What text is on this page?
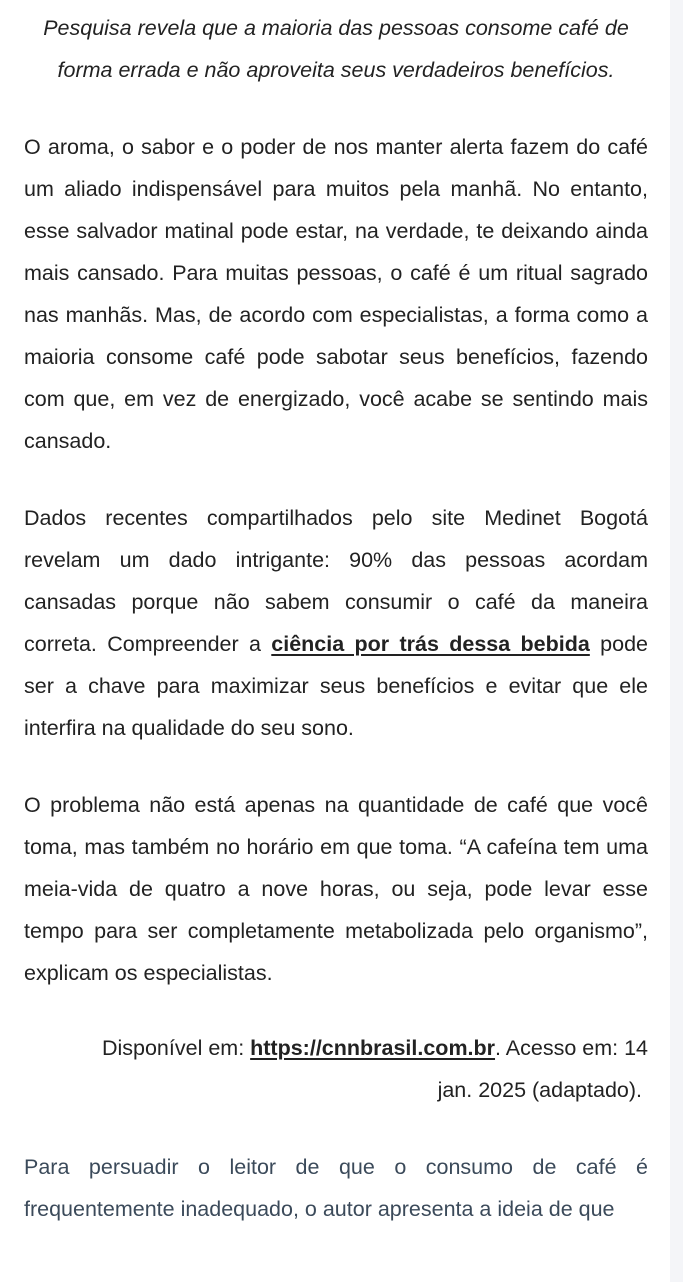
Pesquisa revela que a maioria das pessoas consome café de forma errada e não aproveita seus verdadeiros benefícios.

O aroma, o sabor e o poder de nos manter alerta fazem do café um aliado indispensável para muitos pela manhã. No entanto, esse salvador matinal pode estar, na verdade, te deixando ainda mais cansado. Para muitas pessoas, o café é um ritual sagrado nas manhãs. Mas, de acordo com especialistas, a forma como a maioria consome café pode sabotar seus benefícios, fazendo com que, em vez de energizado, você acabe se sentindo mais cansado.

Dados recentes compartilhados pelo site Medinet Bogotá revelam um dado intrigante: 90% das pessoas acordam cansadas porque não sabem consumir o café da maneira correta. Compreender a ciência por trás dessa bebida pode ser a chave para maximizar seus benefícios e evitar que ele interfira na qualidade do seu sono.

O problema não está apenas na quantidade de café que você toma, mas também no horário em que toma. “A cafeína tem uma meia-vida de quatro a nove horas, ou seja, pode levar esse tempo para ser completamente metabolizada pelo organismo”, explicam os especialistas.

Disponível em: https://cnnbrasil.com.br. Acesso em: 14
jan. 2025 (adaptado).

Para persuadir o leitor de que o consumo de café é frequentemente inadequado, o autor apresenta a ideia de que
